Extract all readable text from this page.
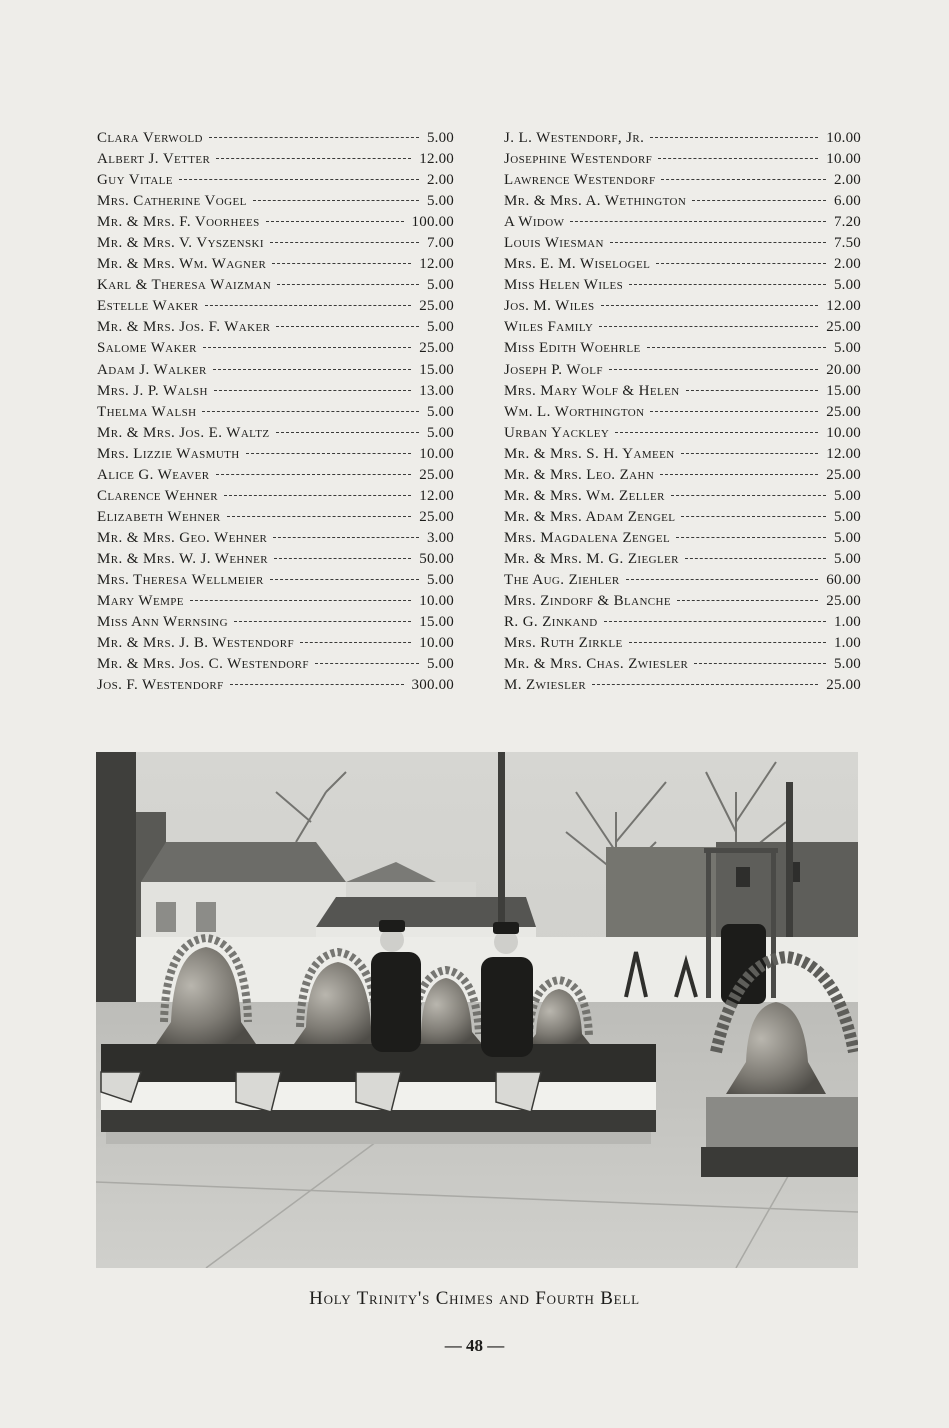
Clara Verwold	5.00
Albert J. Vetter	12.00
Guy Vitale	2.00
Mrs. Catherine Vogel	5.00
Mr. & Mrs. F. Voorhees	100.00
Mr. & Mrs. V. Vyszenski	7.00
Mr. & Mrs. Wm. Wagner	12.00
Karl & Theresa Waizman	5.00
Estelle Waker	25.00
Mr. & Mrs. Jos. F. Waker	5.00
Salome Waker	25.00
Adam J. Walker	15.00
Mrs. J. P. Walsh	13.00
Thelma Walsh	5.00
Mr. & Mrs. Jos. E. Waltz	5.00
Mrs. Lizzie Wasmuth	10.00
Alice G. Weaver	25.00
Clarence Wehner	12.00
Elizabeth Wehner	25.00
Mr. & Mrs. Geo. Wehner	3.00
Mr. & Mrs. W. J. Wehner	50.00
Mrs. Theresa Wellmeier	5.00
Mary Wempe	10.00
Miss Ann Wernsing	15.00
Mr. & Mrs. J. B. Westendorf	10.00
Mr. & Mrs. Jos. C. Westendorf	5.00
Jos. F. Westendorf	300.00
J. L. Westendorf, Jr.	10.00
Josephine Westendorf	10.00
Lawrence Westendorf	2.00
Mr. & Mrs. A. Wethington	6.00
A Widow	7.20
Louis Wiesman	7.50
Mrs. E. M. Wiselogel	2.00
Miss Helen Wiles	5.00
Jos. M. Wiles	12.00
Wiles Family	25.00
Miss Edith Woehrle	5.00
Joseph P. Wolf	20.00
Mrs. Mary Wolf & Helen	15.00
Wm. L. Worthington	25.00
Urban Yackley	10.00
Mr. & Mrs. S. H. Yameen	12.00
Mr. & Mrs. Leo. Zahn	25.00
Mr. & Mrs. Wm. Zeller	5.00
Mr. & Mrs. Adam Zengel	5.00
Mrs. Magdalena Zengel	5.00
Mr. & Mrs. M. G. Ziegler	5.00
The Aug. Ziehler	60.00
Mrs. Zindorf & Blanche	25.00
R. G. Zinkand	1.00
Mrs. Ruth Zirkle	1.00
Mr. & Mrs. Chas. Zwiesler	5.00
M. Zwiesler	25.00
Holy Trinity's Chimes and Fourth Bell
— 48 —
